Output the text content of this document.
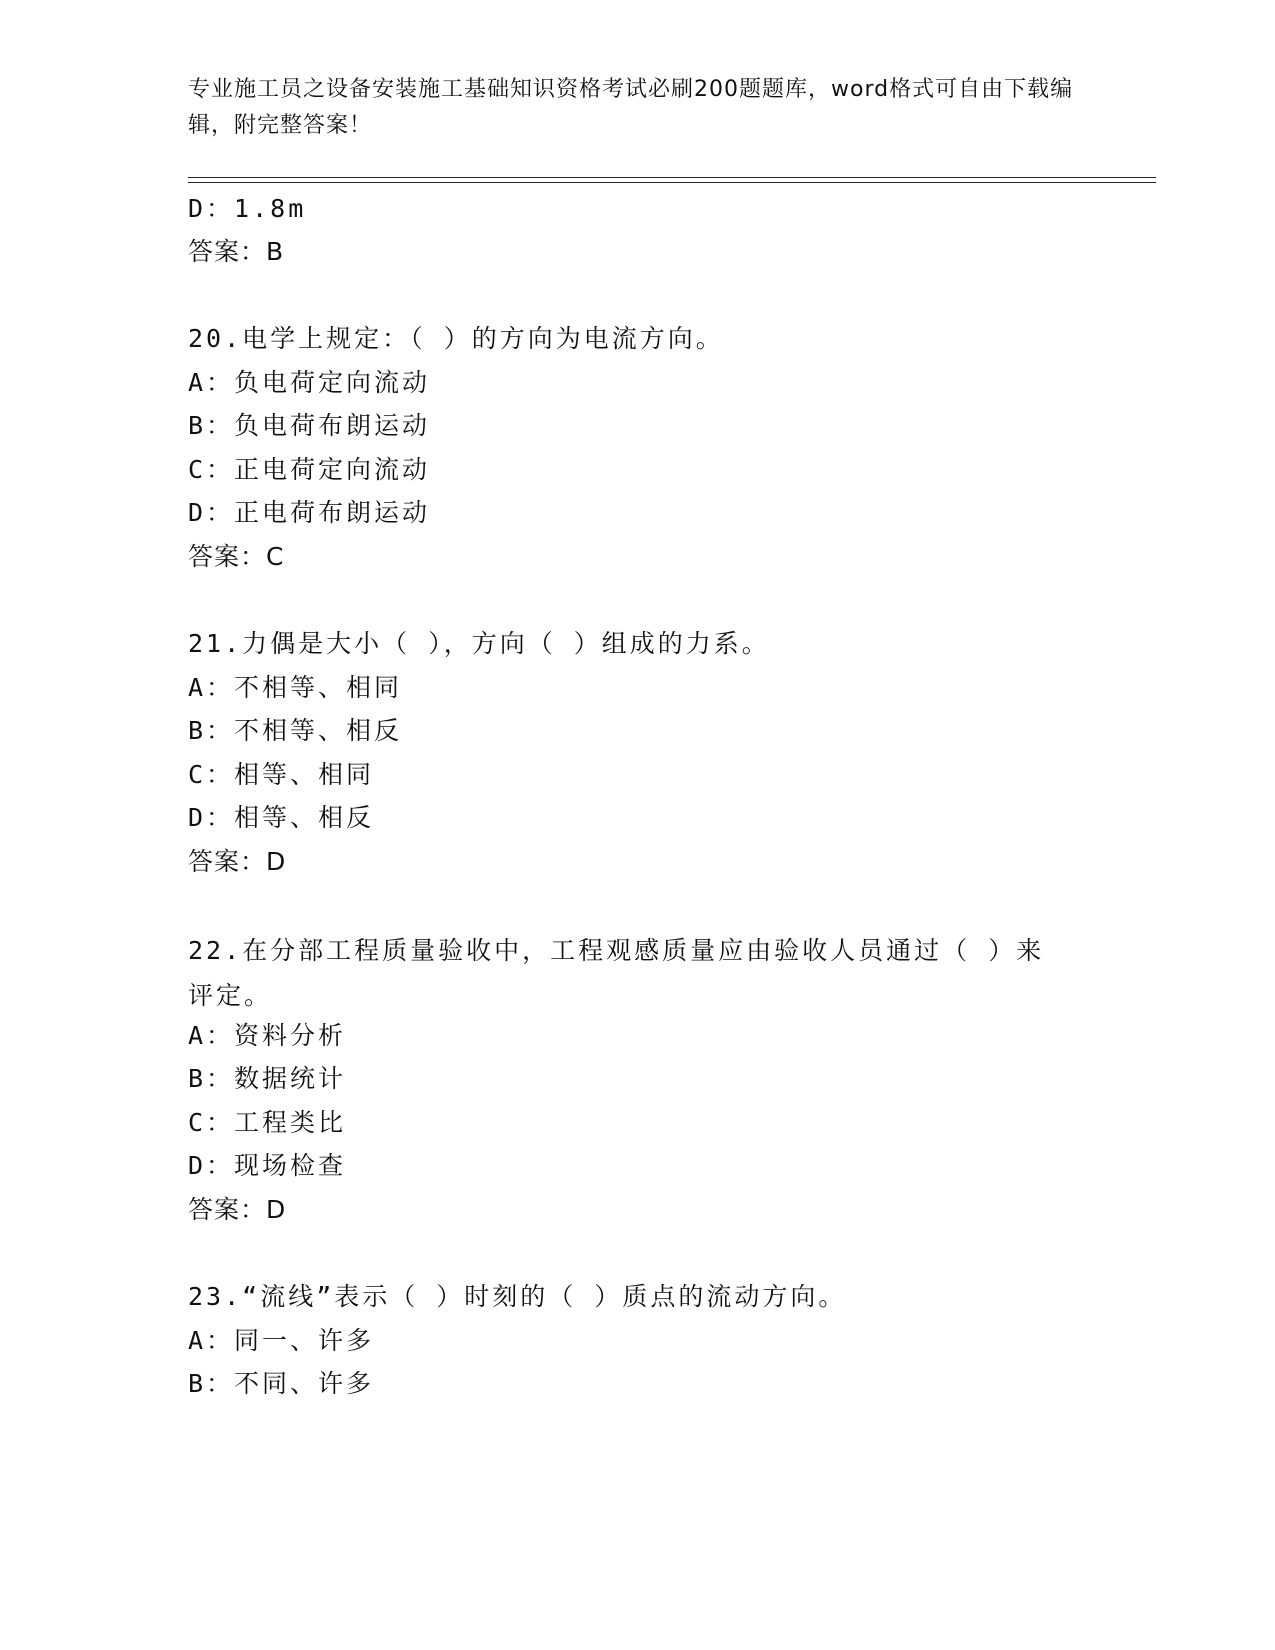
专业施工员之设备安装施工基础知识资格考试必刷200题题库，word格式可自由下载编辑，附完整答案！
D：1.8m
答案：B
20.电学上规定：（ ）的方向为电流方向。
A：负电荷定向流动
B：负电荷布朗运动
C：正电荷定向流动
D：正电荷布朗运动
答案：C
21.力偶是大小（ ），方向（ ）组成的力系。
A：不相等、相同
B：不相等、相反
C：相等、相同
D：相等、相反
答案：D
22.在分部工程质量验收中，工程观感质量应由验收人员通过（ ）来评定。
A：资料分析
B：数据统计
C：工程类比
D：现场检查
答案：D
23.“流线”表示（ ）时刻的（ ）质点的流动方向。
A：同一、许多
B：不同、许多
